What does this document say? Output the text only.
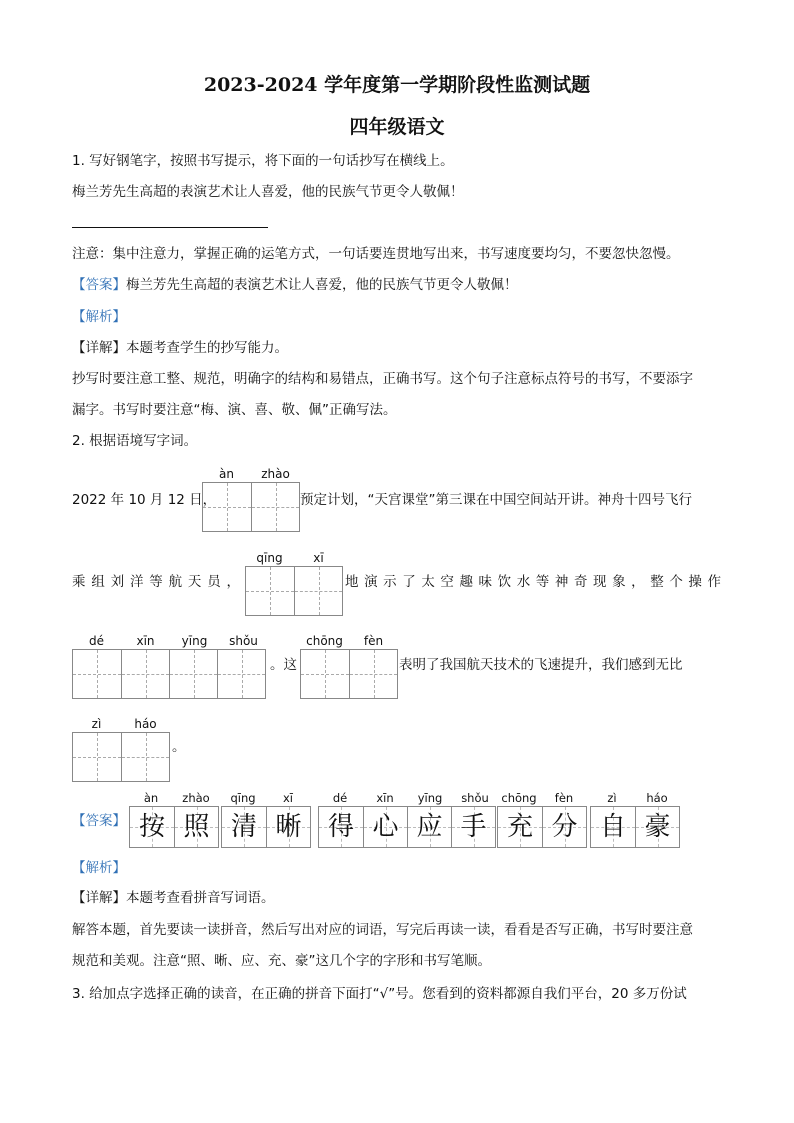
2023-2024 学年度第一学期阶段性监测试题
四年级语文
1. 写好钢笔字，按照书写提示，将下面的一句话抄写在横线上。
梅兰芳先生高超的表演艺术让人喜爱，他的民族气节更令人敬佩！
注意：集中注意力，掌握正确的运笔方式，一句话要连贯地写出来，书写速度要均匀，不要忽快忽慢。
【答案】梅兰芳先生高超的表演艺术让人喜爱，他的民族气节更令人敬佩！
【解析】
【详解】本题考查学生的抄写能力。
抄写时要注意工整、规范，明确字的结构和易错点，正确书写。这个句子注意标点符号的书写，不要添字
漏字。书写时要注意“梅、演、喜、敬、佩”正确写法。
2. 根据语境写字词。
àn	zhào
2022 年 10 月 12 日，	预定计划，“天宫课堂”第三课在中国空间站开讲。神舟十四号飞行
qīng	xī
乘 组 刘 洋 等 航 天 员 ，	地 演 示 了 太 空 趣 味 饮 水 等 神 奇 现 象 ， 整 个 操 作
dé	xīn	yīng	shǒu
。这
chōng	fèn
表明了我国航天技术的飞速提升，我们感到无比
zì	háo
。
【答案】
àn	zhào
按 照
qīng	xī
清 晰
dé	xīn	yīng	shǒu
得 心 应 手
chōng	fèn
充 分
zì	háo
自 豪
【解析】
【详解】本题考查看拼音写词语。
解答本题，首先要读一读拼音，然后写出对应的词语，写完后再读一读，看看是否写正确，书写时要注意
规范和美观。注意“照、晰、应、充、豪”这几个字的字形和书写笔顺。
3. 给加点字选择正确的读音，在正确的拼音下面打“√”号。您看到的资料都源自我们平台，20 多万份试
